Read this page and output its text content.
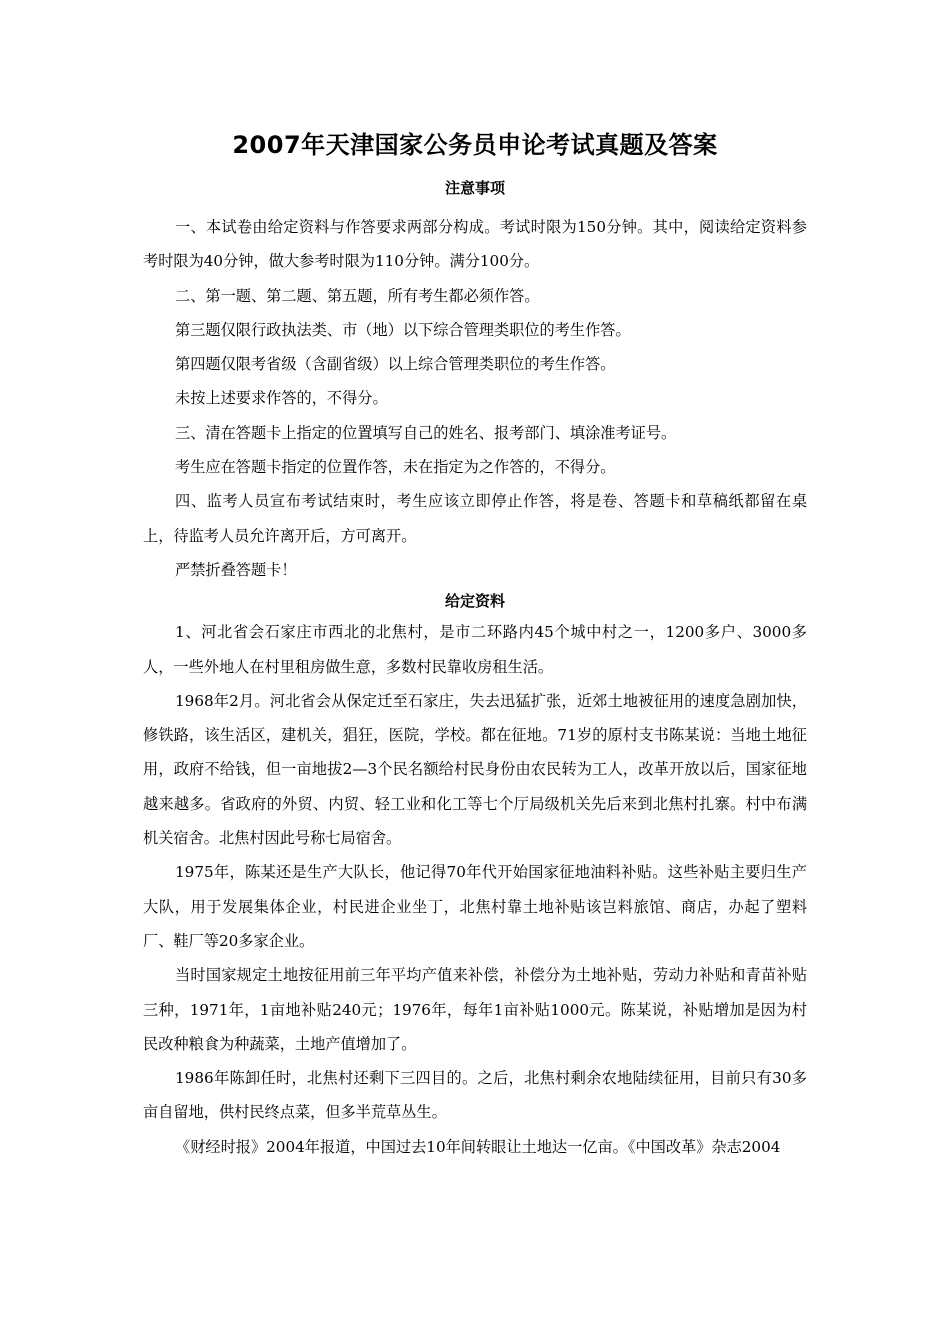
2007年天津国家公务员申论考试真题及答案
注意事项

一、本试卷由给定资料与作答要求两部分构成。考试时限为150分钟。其中，阅读给定资料参考时限为40分钟，做大参考时限为110分钟。满分100分。

二、第一题、第二题、第五题，所有考生都必须作答。

第三题仅限行政执法类、市（地）以下综合管理类职位的考生作答。

第四题仅限考省级（含副省级）以上综合管理类职位的考生作答。

未按上述要求作答的，不得分。

三、清在答题卡上指定的位置填写自己的姓名、报考部门、填涂准考证号。

考生应在答题卡指定的位置作答，未在指定为之作答的，不得分。

四、监考人员宣布考试结束时，考生应该立即停止作答，将是卷、答题卡和草稿纸都留在桌上，待监考人员允许离开后，方可离开。

严禁折叠答题卡！

给定资料

1、河北省会石家庄市西北的北焦村，是市二环路内45个城中村之一，1200多户、3000多人，一些外地人在村里租房做生意，多数村民靠收房租生活。

1968年2月。河北省会从保定迁至石家庄，失去迅猛扩张，近郊土地被征用的速度急剧加快，修铁路，该生活区，建机关，猖狂，医院，学校。都在征地。71岁的原村支书陈某说：当地土地征用，政府不给钱，但一亩地拔2—3个民名额给村民身份由农民转为工人，改革开放以后，国家征地越来越多。省政府的外贸、内贸、轻工业和化工等七个厅局级机关先后来到北焦村扎寨。村中布满机关宿舍。北焦村因此号称七局宿舍。

1975年，陈某还是生产大队长，他记得70年代开始国家征地油料补贴。这些补贴主要归生产大队，用于发展集体企业，村民进企业坐丁，北焦村靠土地补贴该岂料旅馆、商店，办起了塑料厂、鞋厂等20多家企业。

当时国家规定土地按征用前三年平均产值来补偿，补偿分为土地补贴，劳动力补贴和青苗补贴三种，1971年，1亩地补贴240元；1976年，每年1亩补贴1000元。陈某说，补贴增加是因为村民改种粮食为种蔬菜，土地产值增加了。

1986年陈卸任时，北焦村还剩下三四目的。之后，北焦村剩余农地陆续征用，目前只有30多亩自留地，供村民终点菜，但多半荒草丛生。

《财经时报》2004年报道，中国过去10年间转眼让土地达一亿亩。《中国改革》杂志2004
